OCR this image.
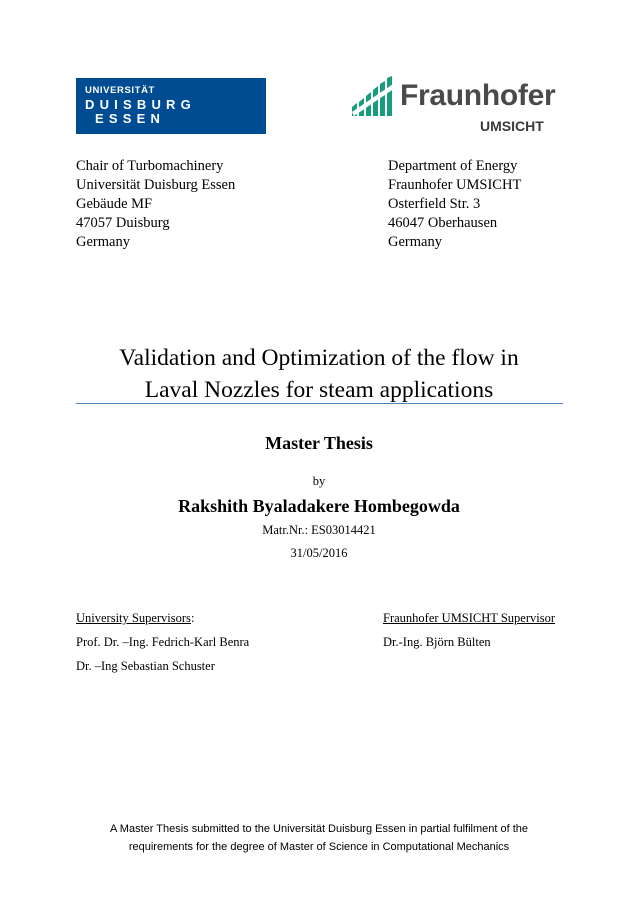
UNIVERSITÄT
DUISBURG
ESSEN
Fraunhofer
UMSICHT
Chair of Turbomachinery
Universität Duisburg Essen
Gebäude MF
47057 Duisburg
Germany
Department of Energy
Fraunhofer UMSICHT
Osterfield Str. 3
46047 Oberhausen
Germany
Validation and Optimization of the flow in
Laval Nozzles for steam applications
Master Thesis
by
Rakshith Byaladakere Hombegowda
Matr.Nr.: ES03014421
31/05/2016
University Supervisors:	Fraunhofer UMSICHT Supervisor
Prof. Dr. –Ing. Fedrich-Karl Benra
Dr. –Ing Sebastian Schuster
Dr.-Ing. Björn Bülten
A Master Thesis submitted to the Universität Duisburg Essen in partial fulfilment of the
requirements for the degree of Master of Science in Computational Mechanics
